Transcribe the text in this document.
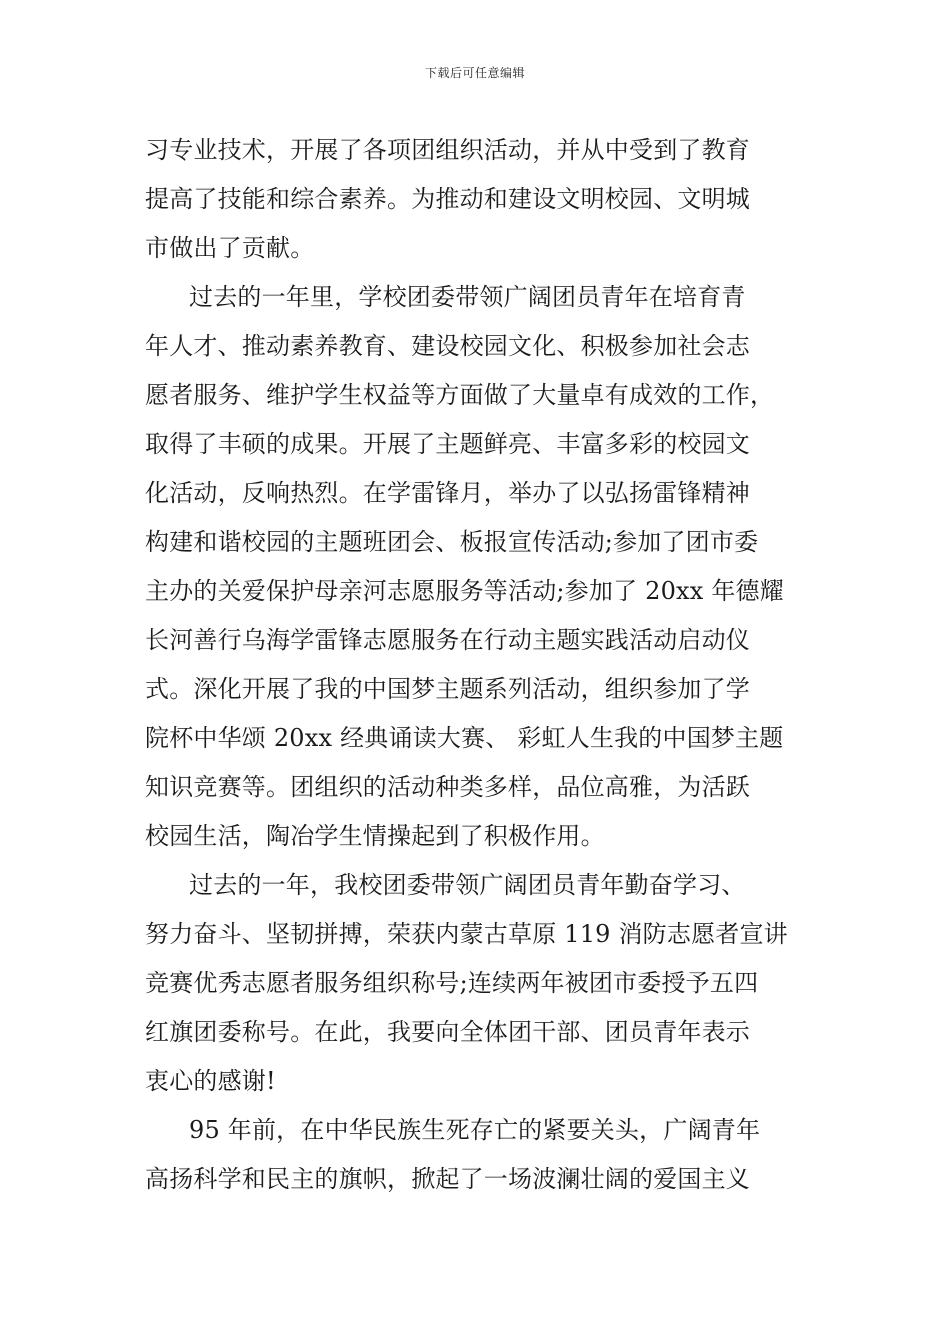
下载后可任意编辑
习专业技术，开展了各项团组织活动，并从中受到了教育
提高了技能和综合素养。为推动和建设文明校园、文明城
市做出了贡献。
过去的一年里，学校团委带领广阔团员青年在培育青
年人才、推动素养教育、建设校园文化、积极参加社会志
愿者服务、维护学生权益等方面做了大量卓有成效的工作，
取得了丰硕的成果。开展了主题鲜亮、丰富多彩的校园文
化活动，反响热烈。在学雷锋月，举办了以弘扬雷锋精神
构建和谐校园的主题班团会、板报宣传活动;参加了团市委
主办的关爱保护母亲河志愿服务等活动;参加了 20xx 年德耀
长河善行乌海学雷锋志愿服务在行动主题实践活动启动仪
式。深化开展了我的中国梦主题系列活动，组织参加了学
院杯中华颂 20xx 经典诵读大赛、 彩虹人生我的中国梦主题
知识竞赛等。团组织的活动种类多样，品位高雅，为活跃
校园生活，陶冶学生情操起到了积极作用。
过去的一年，我校团委带领广阔团员青年勤奋学习、
努力奋斗、坚韧拼搏，荣获内蒙古草原 119 消防志愿者宣讲
竞赛优秀志愿者服务组织称号;连续两年被团市委授予五四
红旗团委称号。在此，我要向全体团干部、团员青年表示
衷心的感谢!
95 年前，在中华民族生死存亡的紧要关头，广阔青年
高扬科学和民主的旗帜，掀起了一场波澜壮阔的爱国主义
